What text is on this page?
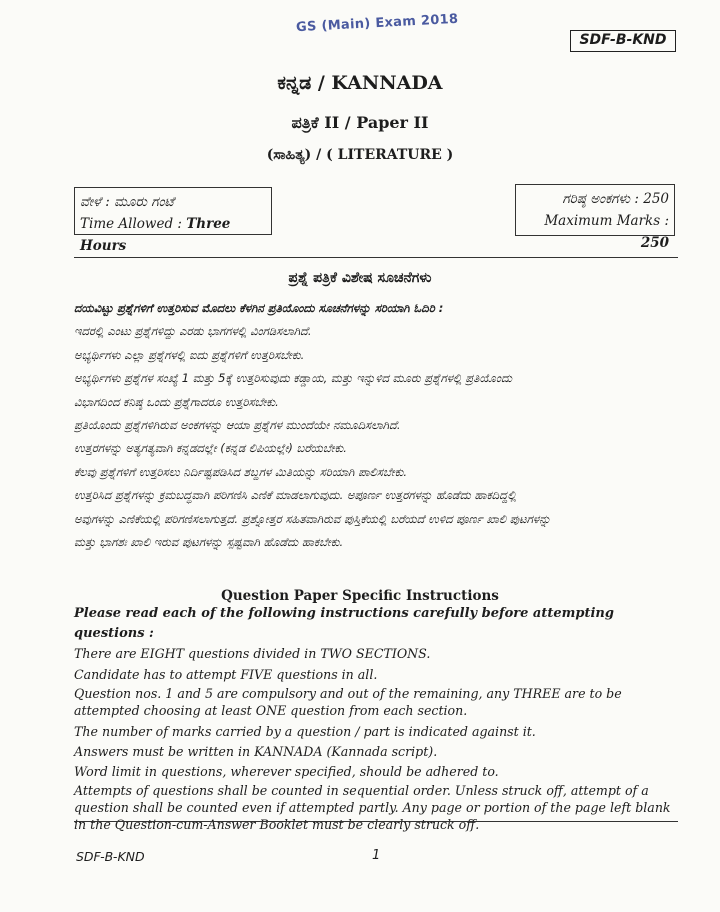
GS (Main) Exam 2018
SDF-B-KND
ಕನ್ನಡ / KANNADA
ಪತ್ರಿಕೆ II / Paper II
(ಸಾಹಿತ್ಯ) / ( LITERATURE )
ವೇಳೆ : ಮೂರು ಗಂಟೆ
Time Allowed : Three Hours
ಗರಿಷ್ಠ ಅಂಕಗಳು : 250
Maximum Marks : 250
ಪ್ರಶ್ನೆ ಪತ್ರಿಕೆ ವಿಶೇಷ ಸೂಚನೆಗಳು
ದಯವಿಟ್ಟು ಪ್ರಶ್ನೆಗಳಿಗೆ ಉತ್ತರಿಸುವ ಮೊದಲು ಕೆಳಗಿನ ಪ್ರತಿಯೊಂದು ಸೂಚನೆಗಳನ್ನು ಸರಿಯಾಗಿ ಓದಿರಿ :
ಇದರಲ್ಲಿ ಎಂಟು ಪ್ರಶ್ನೆಗಳಿದ್ದು ಎರಡು ಭಾಗಗಳಲ್ಲಿ ವಿಂಗಡಿಸಲಾಗಿದೆ.
ಅಭ್ಯರ್ಥಿಗಳು ಎಲ್ಲಾ ಪ್ರಶ್ನೆಗಳಲ್ಲಿ ಐದು ಪ್ರಶ್ನೆಗಳಿಗೆ ಉತ್ತರಿಸಬೇಕು.
ಅಭ್ಯರ್ಥಿಗಳು ಪ್ರಶ್ನೆಗಳ ಸಂಖ್ಯೆ 1 ಮತ್ತು 5ಕ್ಕೆ ಉತ್ತರಿಸುವುದು ಕಡ್ಡಾಯ, ಮತ್ತು ಇನ್ನುಳಿದ ಮೂರು ಪ್ರಶ್ನೆಗಳಲ್ಲಿ ಪ್ರತಿಯೊಂದು
ವಿಭಾಗದಿಂದ ಕನಿಷ್ಠ ಒಂದು ಪ್ರಶ್ನೆಗಾದರೂ ಉತ್ತರಿಸಬೇಕು.
ಪ್ರತಿಯೊಂದು ಪ್ರಶ್ನೆಗಳಿಗಿರುವ ಅಂಕಗಳನ್ನು ಆಯಾ ಪ್ರಶ್ನೆಗಳ ಮುಂದೆಯೇ ನಮೂದಿಸಲಾಗಿದೆ.
ಉತ್ತರಗಳನ್ನು ಅತ್ಯಗತ್ಯವಾಗಿ ಕನ್ನಡದಲ್ಲೇ (ಕನ್ನಡ ಲಿಪಿಯಲ್ಲೇ) ಬರೆಯಬೇಕು.
ಕೆಲವು ಪ್ರಶ್ನೆಗಳಿಗೆ ಉತ್ತರಿಸಲು ನಿರ್ದಿಷ್ಟಪಡಿಸಿದ ಶಬ್ದಗಳ ಮಿತಿಯನ್ನು ಸರಿಯಾಗಿ ಪಾಲಿಸಬೇಕು.
ಉತ್ತರಿಸಿದ ಪ್ರಶ್ನೆಗಳನ್ನು ಕ್ರಮಬದ್ಧವಾಗಿ ಪರಿಗಣಿಸಿ ಎಣಿಕೆ ಮಾಡಲಾಗುವುದು. ಅಪೂರ್ಣ ಉತ್ತರಗಳನ್ನು ಹೊಡೆದು ಹಾಕದಿದ್ದಲ್ಲಿ
ಅವುಗಳನ್ನು ಎಣಿಕೆಯಲ್ಲಿ ಪರಿಗಣಿಸಲಾಗುತ್ತದೆ. ಪ್ರಶ್ನೋತ್ತರ ಸಹಿತವಾಗಿರುವ ಪುಸ್ತಿಕೆಯಲ್ಲಿ ಬರೆಯದೆ ಉಳಿದ ಪೂರ್ಣ ಖಾಲಿ ಪುಟಗಳನ್ನು
ಮತ್ತು ಭಾಗಶಃ ಖಾಲಿ ಇರುವ ಪುಟಗಳನ್ನು ಸ್ಪಷ್ಟವಾಗಿ ಹೊಡೆದು ಹಾಕಬೇಕು.
Question Paper Specific Instructions
Please read each of the following instructions carefully before attempting questions :
There are EIGHT questions divided in TWO SECTIONS.
Candidate has to attempt FIVE questions in all.
Question nos. 1 and 5 are compulsory and out of the remaining, any THREE are to be attempted choosing at least ONE question from each section.
The number of marks carried by a question / part is indicated against it.
Answers must be written in KANNADA (Kannada script).
Word limit in questions, wherever specified, should be adhered to.
Attempts of questions shall be counted in sequential order. Unless struck off, attempt of a question shall be counted even if attempted partly. Any page or portion of the page left blank in the Question-cum-Answer Booklet must be clearly struck off.
SDF-B-KND	1
